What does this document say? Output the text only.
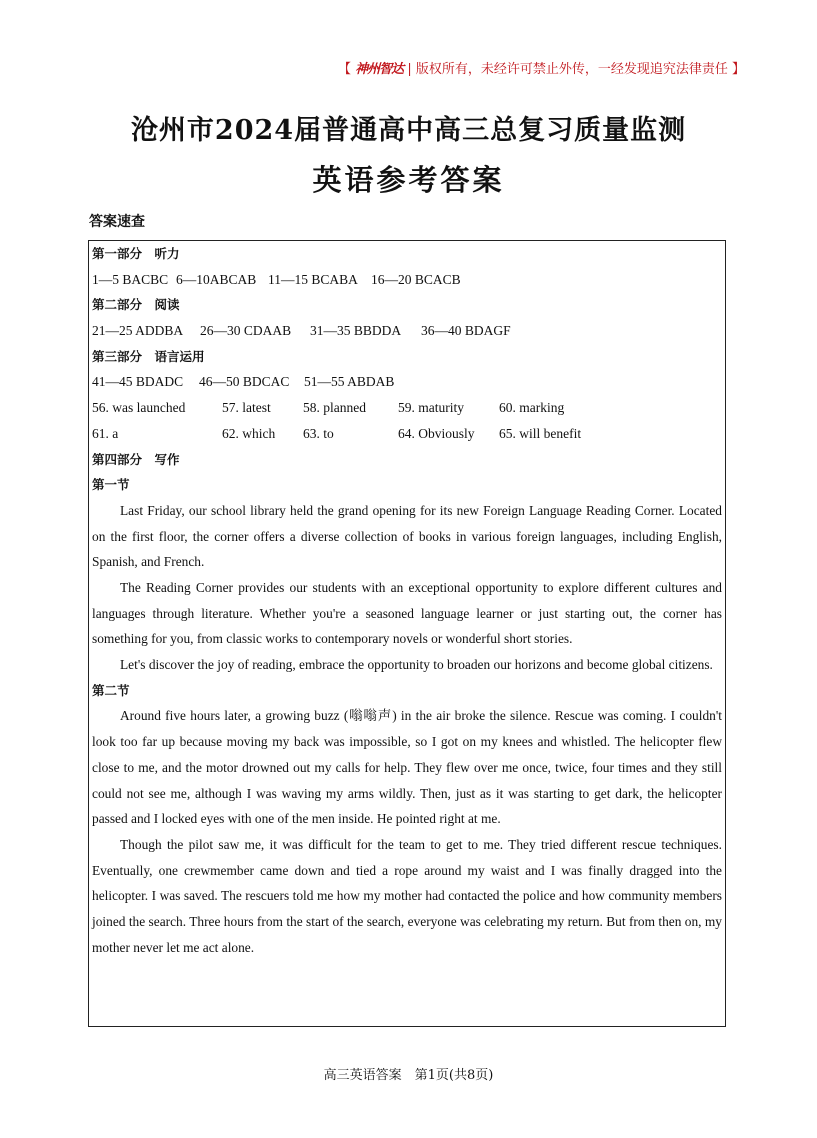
【 神州智达 | 版权所有，未经许可禁止外传，一经发现追究法律责任 】
沧州市2024届普通高中高三总复习质量监测
英语参考答案
答案速查
第一部分　听力
1—5 BACBC 6—10ABCAB 11—15 BCABA 16—20 BCACB
第二部分　阅读
21—25 ADDBA 26—30 CDAAB 31—35 BBDDA 36—40 BDAGF
第三部分　语言运用
41—45 BDADC 46—50 BDCAC 51—55 ABDAB
56. was launched	57. latest 58. planned 59. maturity	60. marking
61. a	62. which 63. to	64. Obviously 65. will benefit
第四部分　写作
第一节

Last Friday, our school library held the grand opening for its new Foreign Language Reading Corner. Located on the first floor, the corner offers a diverse collection of books in various foreign languages, including English, Spanish, and French.

The Reading Corner provides our students with an exceptional opportunity to explore different cultures and languages through literature. Whether you're a seasoned language learner or just starting out, the corner has something for you, from classic works to contemporary novels or wonderful short stories.

Let's discover the joy of reading, embrace the opportunity to broaden our horizons and become global citizens.

第二节

Around five hours later, a growing buzz (嗡嗡声) in the air broke the silence. Rescue was coming. I couldn't look too far up because moving my back was impossible, so I got on my knees and whistled. The helicopter flew close to me, and the motor drowned out my calls for help. They flew over me once, twice, four times and they still could not see me, although I was waving my arms wildly. Then, just as it was starting to get dark, the helicopter passed and I locked eyes with one of the men inside. He pointed right at me.

Though the pilot saw me, it was difficult for the team to get to me. They tried different rescue techniques. Eventually, one crewmember came down and tied a rope around my waist and I was finally dragged into the helicopter. I was saved. The rescuers told me how my mother had contacted the police and how community members joined the search. Three hours from the start of the search, everyone was celebrating my return. But from then on, my mother never let me act alone.

高三英语答案　第1页(共8页)
